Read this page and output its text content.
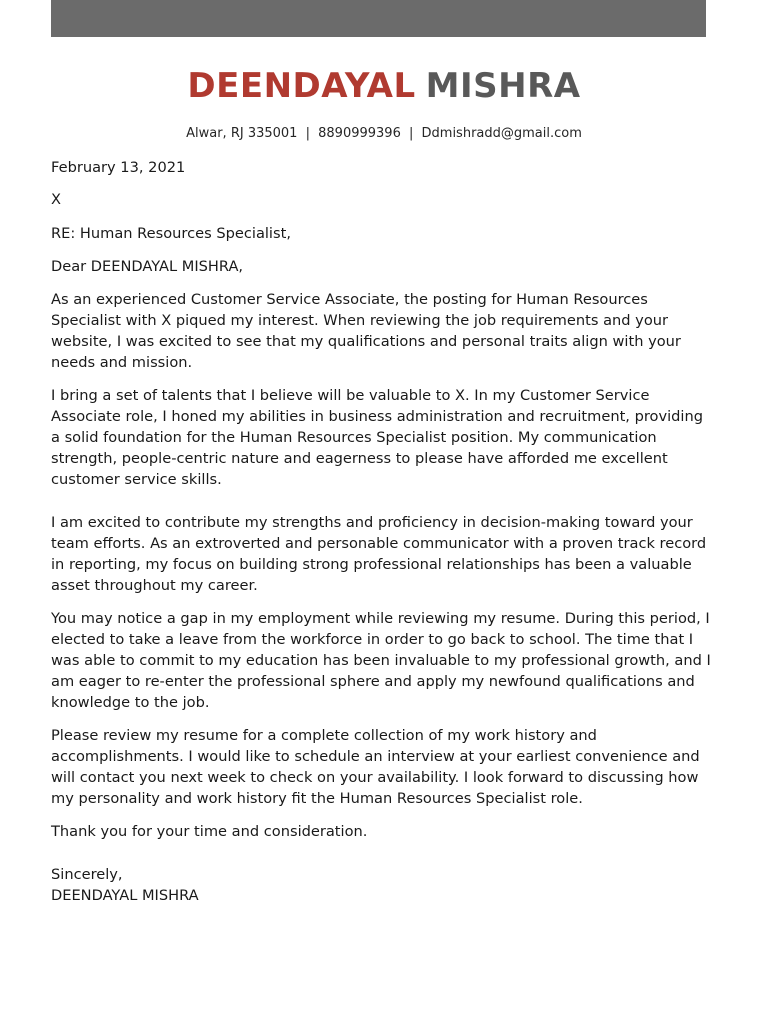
DEENDAYAL MISHRA
Alwar, RJ 335001 | 8890999396 | Ddmishradd@gmail.com

February 13, 2021

X

RE: Human Resources Specialist,

Dear DEENDAYAL MISHRA,

As an experienced Customer Service Associate, the posting for Human Resources Specialist with X piqued my interest. When reviewing the job requirements and your website, I was excited to see that my qualifications and personal traits align with your needs and mission.

I bring a set of talents that I believe will be valuable to X. In my Customer Service Associate role, I honed my abilities in business administration and recruitment, providing a solid foundation for the Human Resources Specialist position. My communication strength, people-centric nature and eagerness to please have afforded me excellent customer service skills.

I am excited to contribute my strengths and proficiency in decision-making toward your team efforts. As an extroverted and personable communicator with a proven track record in reporting, my focus on building strong professional relationships has been a valuable asset throughout my career.

You may notice a gap in my employment while reviewing my resume. During this period, I elected to take a leave from the workforce in order to go back to school. The time that I was able to commit to my education has been invaluable to my professional growth, and I am eager to re-enter the professional sphere and apply my newfound qualifications and knowledge to the job.

Please review my resume for a complete collection of my work history and accomplishments. I would like to schedule an interview at your earliest convenience and will contact you next week to check on your availability. I look forward to discussing how my personality and work history fit the Human Resources Specialist role.

Thank you for your time and consideration.

Sincerely,

DEENDAYAL MISHRA
